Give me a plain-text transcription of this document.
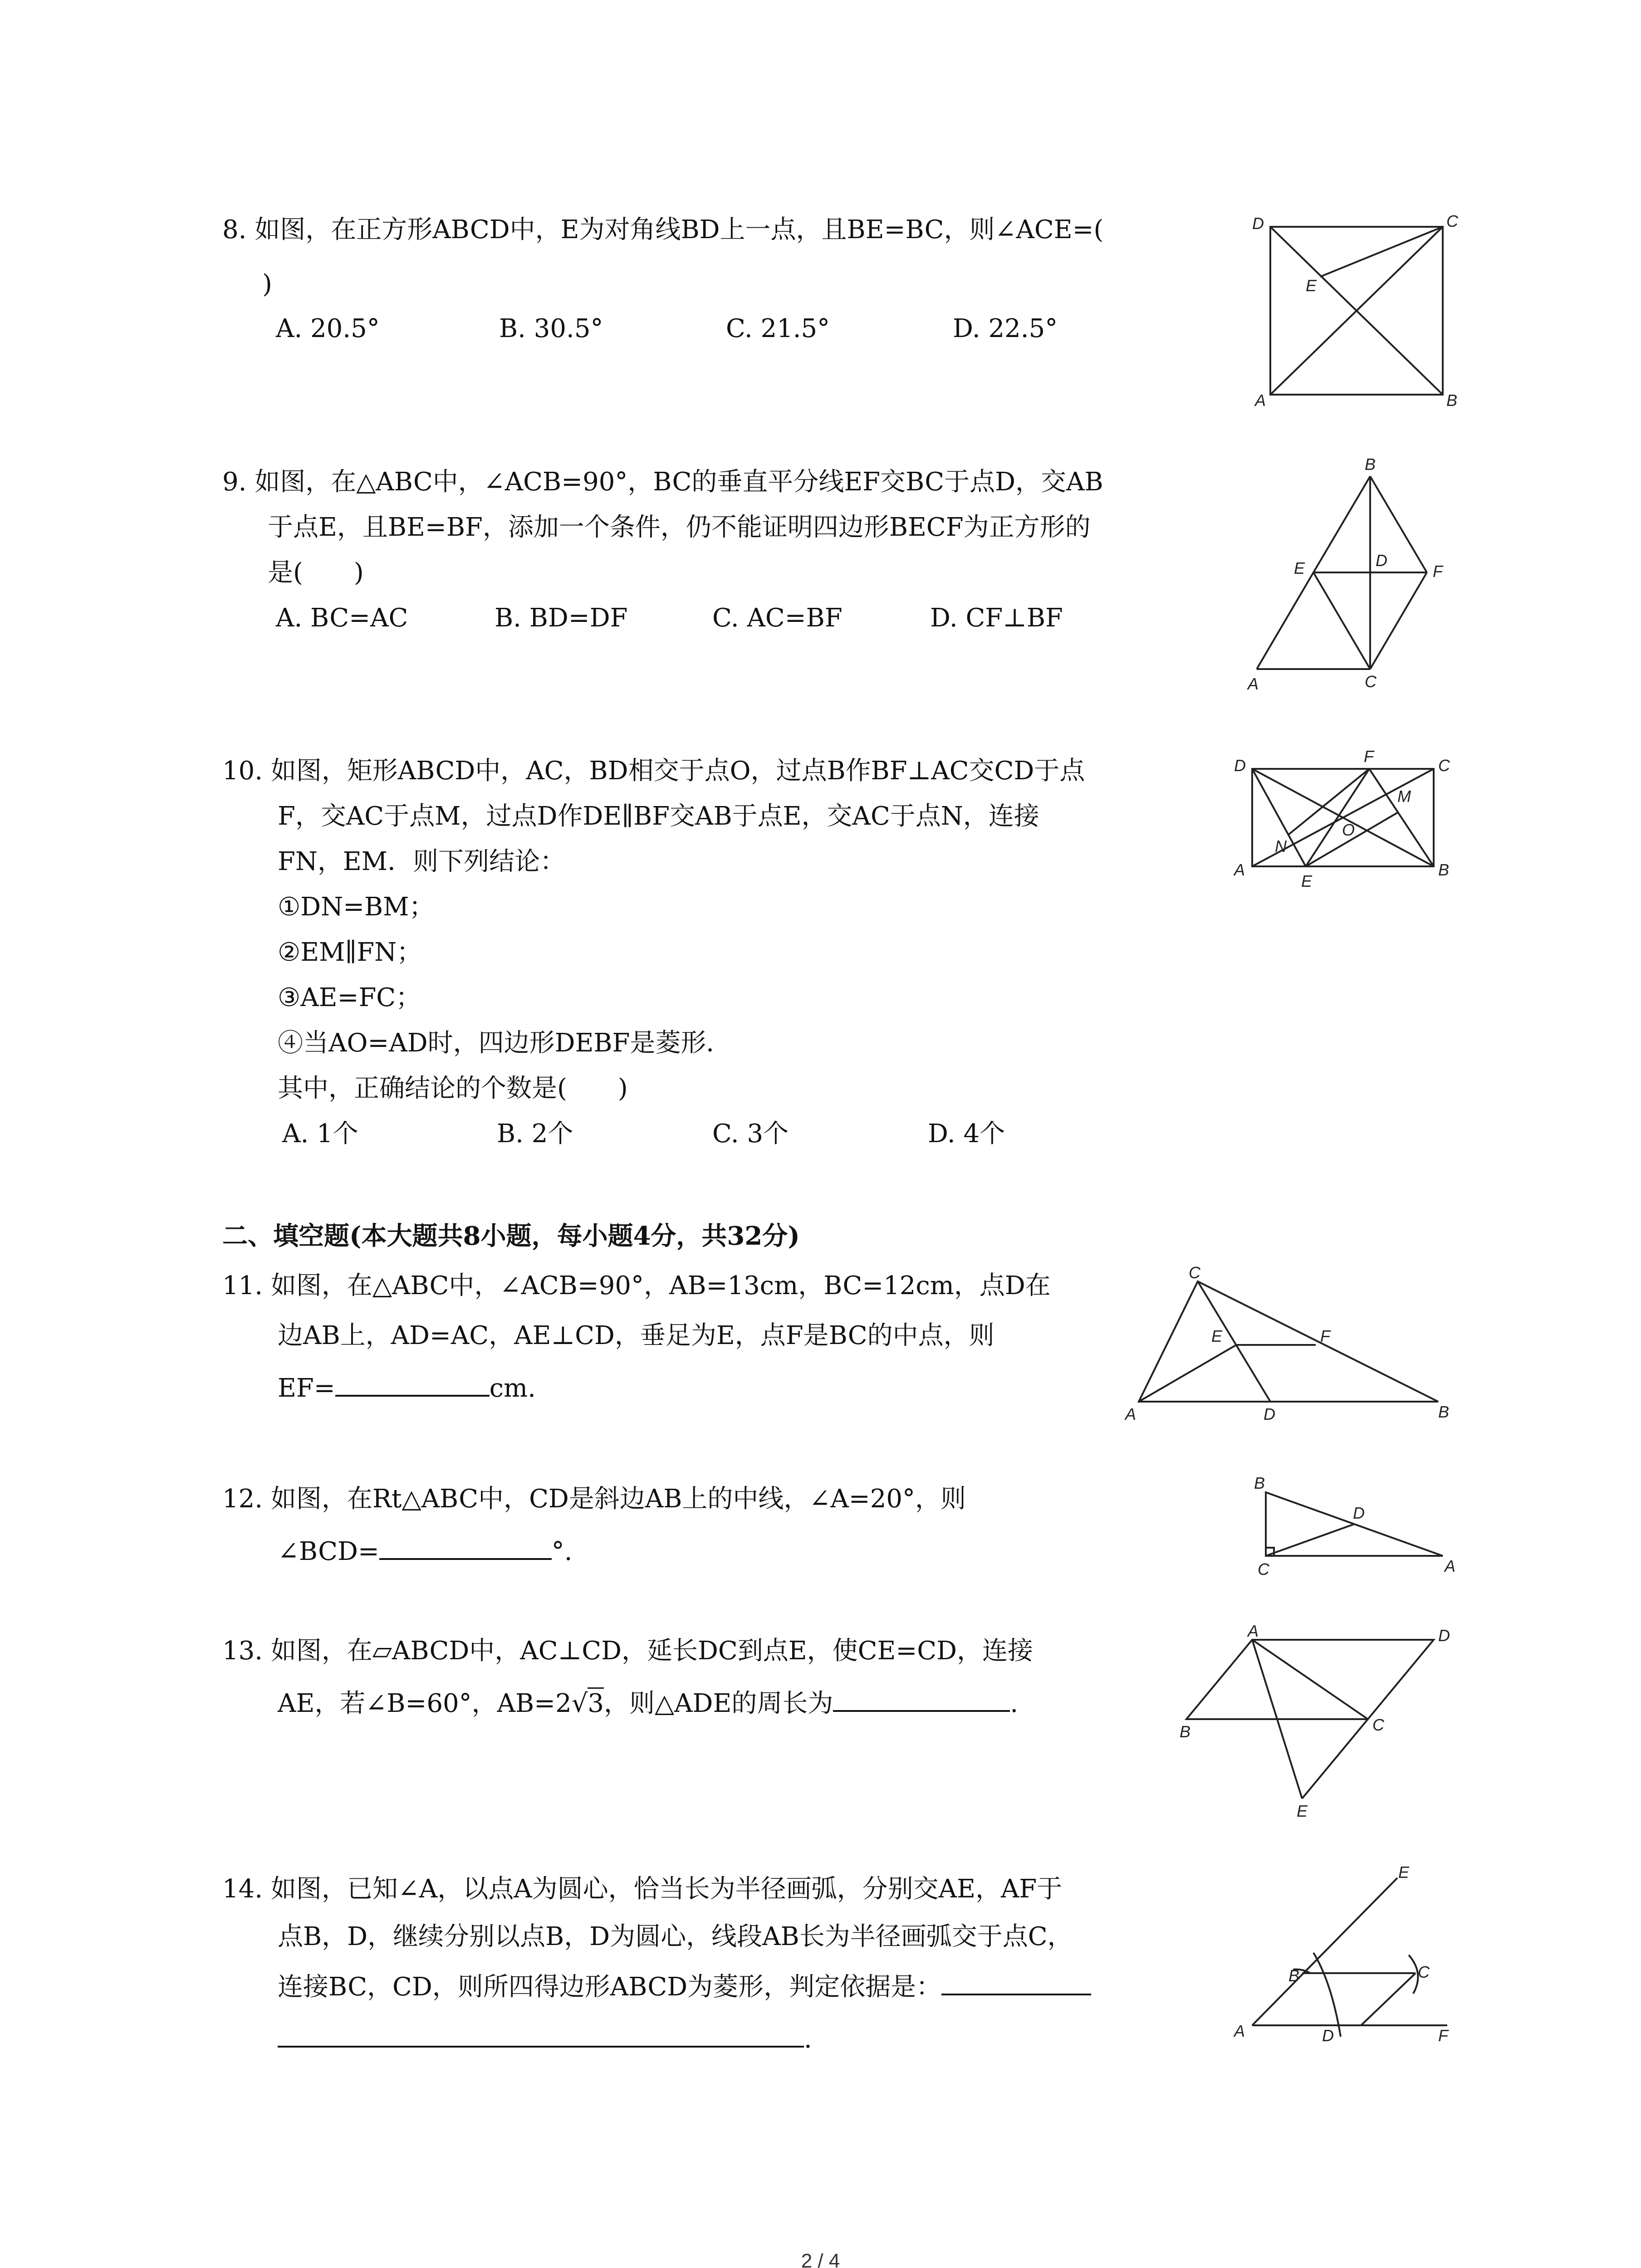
8. 如图，在正方形ABCD中，E为对角线BD上一点，且BE=BC，则∠ACE=(
)
A. 20.5°	B. 30.5°	C. 21.5°	D. 22.5°
D	C
E
A	B
9. 如图，在△ABC中，∠ACB=90°，BC的垂直平分线EF交BC于点D，交AB
于点E，且BE=BF，添加一个条件，仍不能证明四边形BECF为正方形的
是(　　)
A. BC=AC	B. BD=DF	C. AC=BF	D. CF⊥BF
B
E	D
F
A	C
10. 如图，矩形ABCD中，AC，BD相交于点O，过点B作BF⊥AC交CD于点
F，交AC于点M，过点D作DE∥BF交AB于点E，交AC于点N，连接
FN，EM．则下列结论：
①DN=BM；
②EM∥FN；
③AE=FC；
④当AO=AD时，四边形DEBF是菱形．
其中，正确结论的个数是(　　)
A. 1个	B. 2个	C. 3个	D. 4个
D	F	C
M
O
N
A
E
B
二、填空题(本大题共8小题，每小题4分，共32分)
11. 如图，在△ABC中，∠ACB=90°，AB=13cm，BC=12cm，点D在
边AB上，AD=AC，AE⊥CD，垂足为E，点F是BC的中点，则
EF=	cm.
C
E	F
A	D	B
12. 如图，在Rt△ABC中，CD是斜边AB上的中线，∠A=20°，则
∠BCD=	°.
B
D
C	A
13. 如图，在▱ABCD中，AC⊥CD，延长DC到点E，使CE=CD，连接
AE，若∠B=60°，AB=2√3，则△ADE的周长为	.
A	D
B	C
E
14. 如图，已知∠A，以点A为圆心，恰当长为半径画弧，分别交AE，AF于
点B，D，继续分别以点B，D为圆心，线段AB长为半径画弧交于点C，
连接BC，CD，则所四得边形ABCD为菱形，判定依据是：
.
E
B	C
A	D	F
2 / 4
